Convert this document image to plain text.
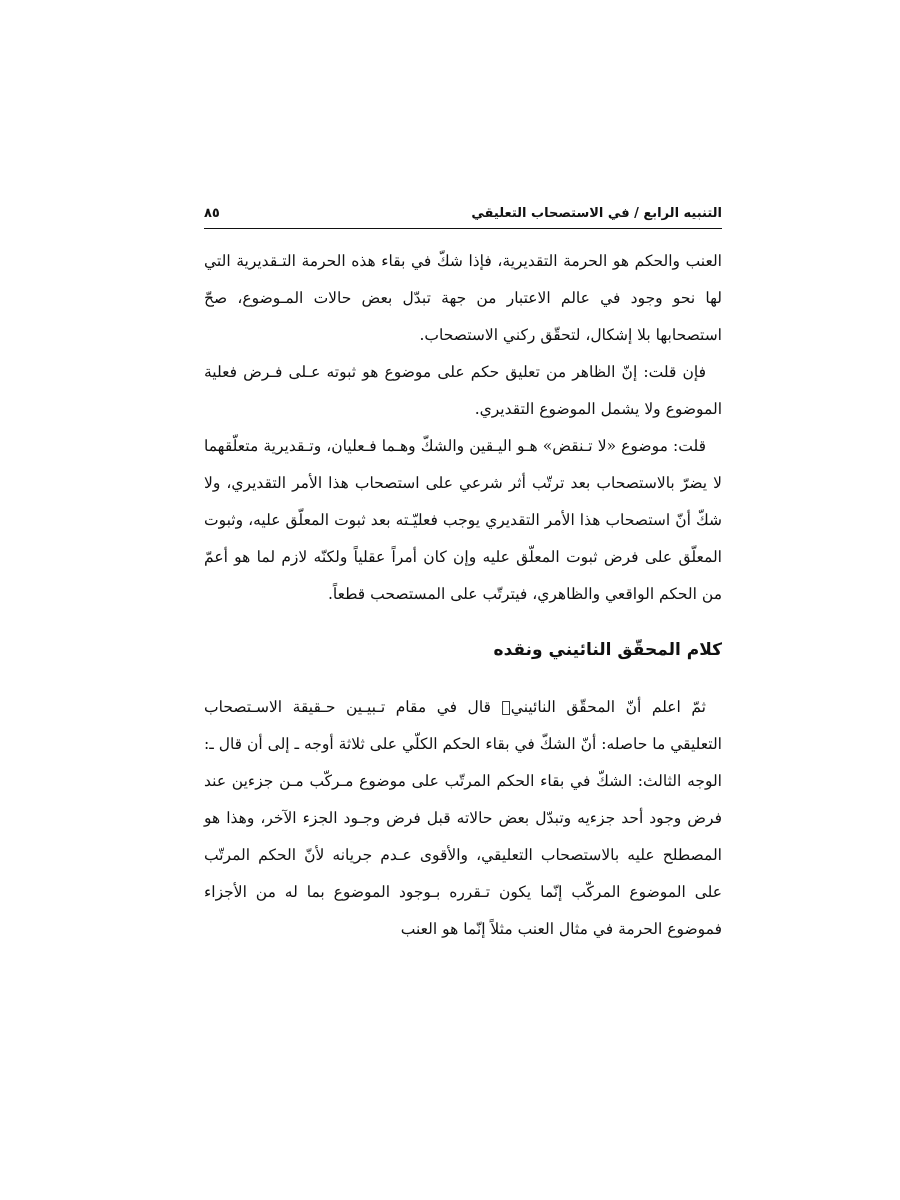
التنبيه الرابع / في الاستصحاب التعليقي
٨٥

العنب والحكم هو الحرمة التقديرية، فإذا شكّ في بقاء هذه الحرمة التـقديرية التي لها نحو وجود في عالم الاعتبار من جهة تبدّل بعض حالات المـوضوع، صحّ استصحابها بلا إشكال، لتحقّق ركني الاستصحاب.

فإن قلت: إنّ الظاهر من تعليق حكم على موضوع هو ثبوته عـلى فـرض فعلية الموضوع ولا يشمل الموضوع التقديري.

قلت: موضوع «لا تـنقض» هـو اليـقين والشكّ وهـما فـعليان، وتـقديرية متعلّقهما لا يضرّ بالاستصحاب بعد ترتّب أثر شرعي على استصحاب هذا الأمر التقديري، ولا شكّ أنّ استصحاب هذا الأمر التقديري يوجب فعليّـته بعد ثبوت المعلّق عليه، وثبوت المعلّق على فرض ثبوت المعلّق عليه وإن كان أمراً عقلياً ولكنّه لازم لما هو أعمّ من الحكم الواقعي والظاهري، فيترتّب على المستصحب قطعاً.

كلام المحقّق النائيني ونقده

ثمّ اعلم أنّ المحقّق النائيني﷫ قال في مقام تـبيـين حـقيقة الاسـتصحاب التعليقي ما حاصله: أنّ الشكّ في بقاء الحكم الكلّي على ثلاثة أوجه ـ إلى أن قال ـ: الوجه الثالث: الشكّ في بقاء الحكم المرتّب على موضوع مـركّب مـن جزءين عند فرض وجود أحد جزءيه وتبدّل بعض حالاته قبل فرض وجـود الجزء الآخر، وهذا هو المصطلح عليه بالاستصحاب التعليقي، والأقوى عـدم جريانه لأنّ الحكم المرتّب على الموضوع المركّب إنّما يكون تـقرره بـوجود الموضوع بما له من الأجزاء فموضوع الحرمة في مثال العنب مثلاً إنّما هو العنب
